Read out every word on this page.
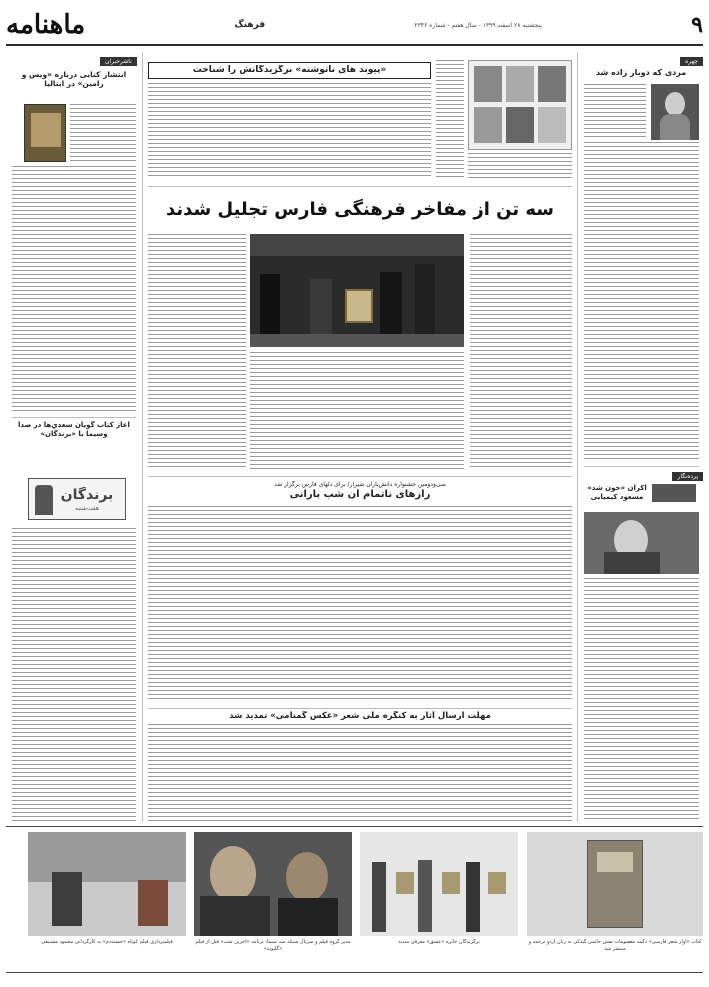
۹
پنجشنبه ۲۸ اسفند ۱۳۹۹ - سال هفتم - شماره ۲۳۴۶
فرهنگ
ماهنامه
چهره
مردی که دوبار زاده شد
ناشرخبران
انتشار کتابی درباره «ویس و رامین» در ایتالیا
آغاز کتاب گویان سعدیِ‌ها در صدا وسیما با «برندگان»
برندگان
هفت‌شنبه
«پیوند های ناتوشته» برگزیدگانش را شناخت
سه تن از مفاخر فرهنگی فارس تجلیل شدند
سی‌ودومین جشنواره دانش‌یاران شیراز/ برای دلهای فارس برگزار شد
رازهای ناتمام آن شب بارانی
پرده‌نگار
اکران «خون شد» مسعود کیمیایی
مهلت ارسال آثار به کنگره ملی شعر «عکس گمنامی» تمدید شد
کتاب «اوار شعر فارسی» دگمه معصومات نقش خانمی گیدکی به زبان اردو ترجمه و منتشر شد
برگزیدگان جایزه «عشق» معرفی شدند
مدیر گروه فیلم و سریال شبکه سه سیما: برنامه «آخرین شب» قبل از فیلم «گلبوته»
فیلمبرداری فیلم کوتاه «خسته‌دم» به کارگردانی محمود مشتیقی
